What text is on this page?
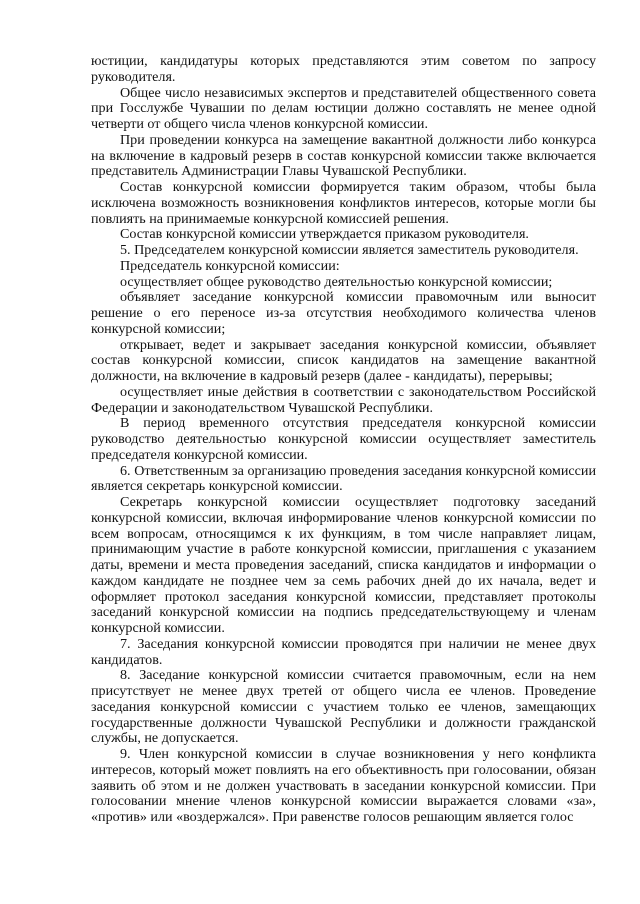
юстиции, кандидатуры которых представляются этим советом по запросу руководителя.

Общее число независимых экспертов и представителей общественного совета при Госслужбе Чувашии по делам юстиции должно составлять не менее одной четверти от общего числа членов конкурсной комиссии.

При проведении конкурса на замещение вакантной должности либо конкурса на включение в кадровый резерв в состав конкурсной комиссии также включается представитель Администрации Главы Чувашской Республики.

Состав конкурсной комиссии формируется таким образом, чтобы была исключена возможность возникновения конфликтов интересов, которые могли бы повлиять на принимаемые конкурсной комиссией решения.

Состав конкурсной комиссии утверждается приказом руководителя.

5. Председателем конкурсной комиссии является заместитель руководителя.

Председатель конкурсной комиссии:

осуществляет общее руководство деятельностью конкурсной комиссии;

объявляет заседание конкурсной комиссии правомочным или выносит решение о его переносе из-за отсутствия необходимого количества членов конкурсной комиссии;

открывает, ведет и закрывает заседания конкурсной комиссии, объявляет состав конкурсной комиссии, список кандидатов на замещение вакантной должности, на включение в кадровый резерв (далее - кандидаты), перерывы;

осуществляет иные действия в соответствии с законодательством Российской Федерации и законодательством Чувашской Республики.

В период временного отсутствия председателя конкурсной комиссии руководство деятельностью конкурсной комиссии осуществляет заместитель председателя конкурсной комиссии.

6. Ответственным за организацию проведения заседания конкурсной комиссии является секретарь конкурсной комиссии.

Секретарь конкурсной комиссии осуществляет подготовку заседаний конкурсной комиссии, включая информирование членов конкурсной комиссии по всем вопросам, относящимся к их функциям, в том числе направляет лицам, принимающим участие в работе конкурсной комиссии, приглашения с указанием даты, времени и места проведения заседаний, списка кандидатов и информации о каждом кандидате не позднее чем за семь рабочих дней до их начала, ведет и оформляет протокол заседания конкурсной комиссии, представляет протоколы заседаний конкурсной комиссии на подпись председательствующему и членам конкурсной комиссии.

7. Заседания конкурсной комиссии проводятся при наличии не менее двух кандидатов.

8. Заседание конкурсной комиссии считается правомочным, если на нем присутствует не менее двух третей от общего числа ее членов. Проведение заседания конкурсной комиссии с участием только ее членов, замещающих государственные должности Чувашской Республики и должности гражданской службы, не допускается.

9. Член конкурсной комиссии в случае возникновения у него конфликта интересов, который может повлиять на его объективность при голосовании, обязан заявить об этом и не должен участвовать в заседании конкурсной комиссии. При голосовании мнение членов конкурсной комиссии выражается словами «за», «против» или «воздержался». При равенстве голосов решающим является голос
